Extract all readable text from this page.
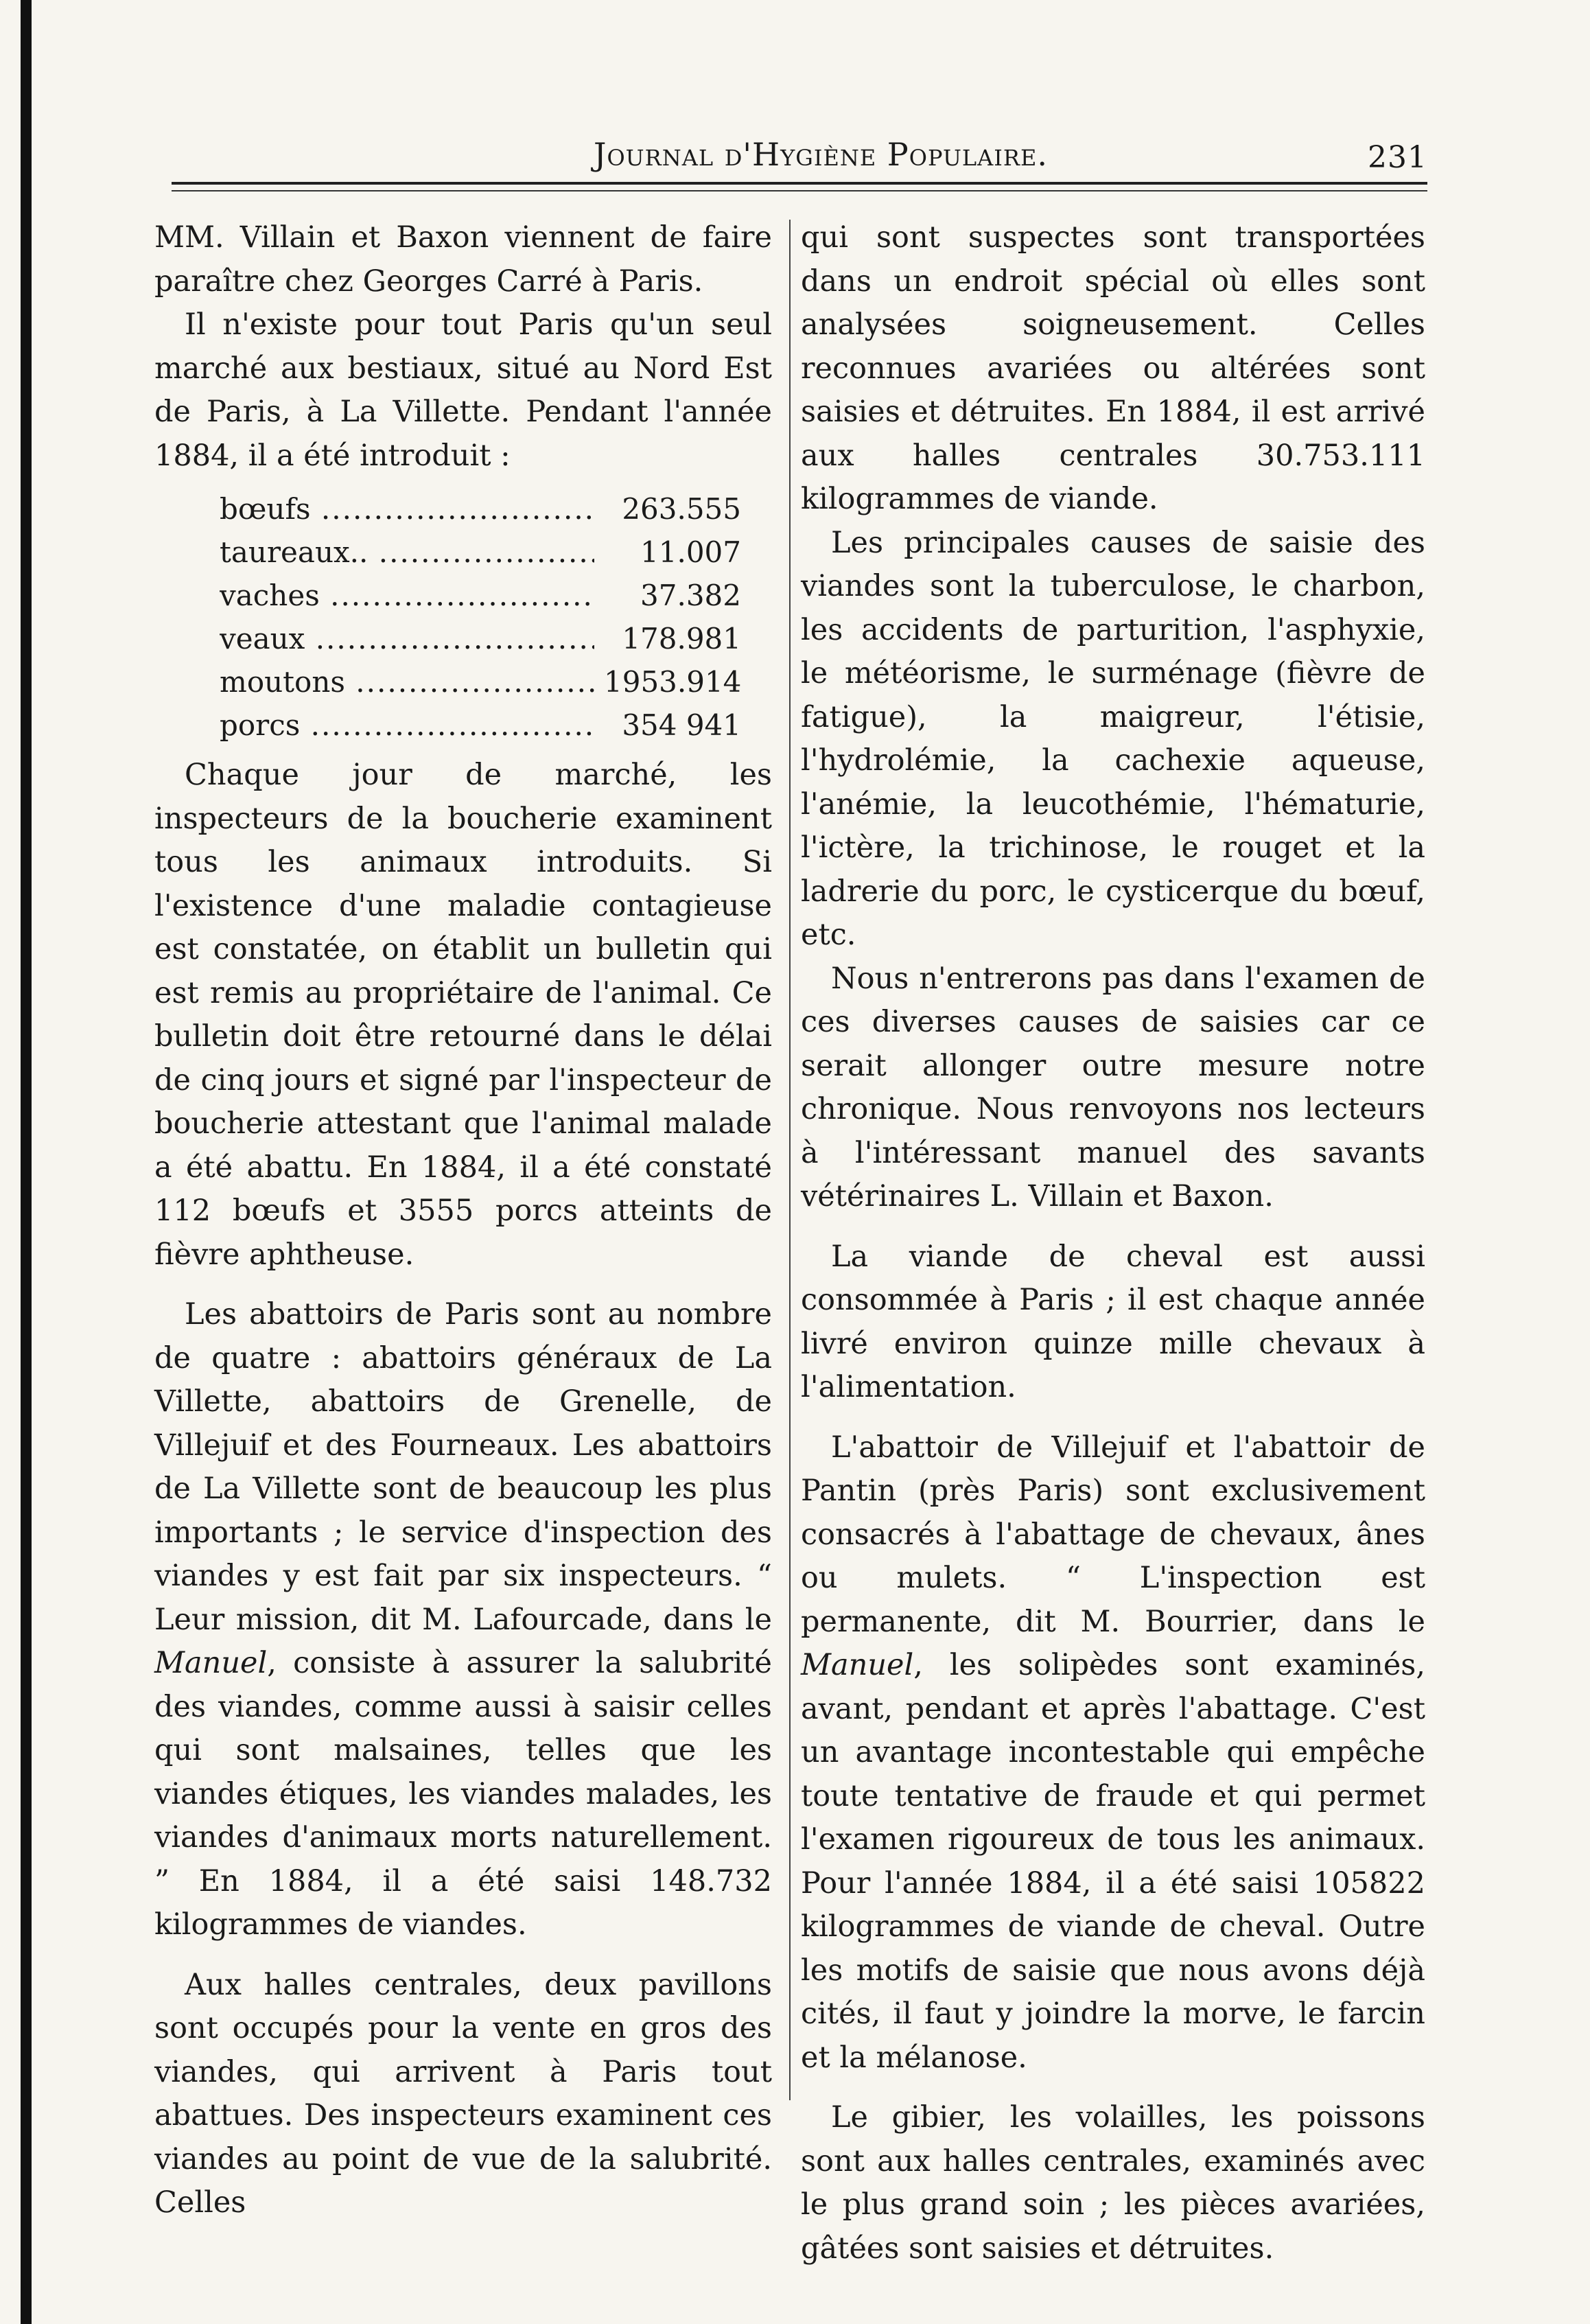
Journal d'Hygiène Populaire.	231

MM. Villain et Baxon viennent de faire paraître chez Georges Carré à Paris.

Il n'existe pour tout Paris qu'un seul marché aux bestiaux, situé au Nord Est de Paris, à La Villette. Pendant l'année 1884, il a été introduit :

bœufs .....	263.555
taureaux.. .....	11.007
vaches .....	37.382
veaux .....	178.981
moutons .....	1953.914
porcs .....	354 941

Chaque jour de marché, les inspecteurs de la boucherie examinent tous les animaux introduits. Si l'existence d'une maladie contagieuse est constatée, on établit un bulletin qui est remis au propriétaire de l'animal. Ce bulletin doit être retourné dans le délai de cinq jours et signé par l'inspecteur de boucherie attestant que l'animal malade a été abattu. En 1884, il a été constaté 112 bœufs et 3555 porcs atteints de fièvre aphtheuse.

Les abattoirs de Paris sont au nombre de quatre : abattoirs généraux de La Villette, abattoirs de Grenelle, de Villejuif et des Fourneaux. Les abattoirs de La Villette sont de beaucoup les plus importants ; le service d'inspection des viandes y est fait par six inspecteurs. “ Leur mission, dit M. Lafourcade, dans le Manuel, consiste à assurer la salubrité des viandes, comme aussi à saisir celles qui sont malsaines, telles que les viandes étiques, les viandes malades, les viandes d'animaux morts naturellement. ” En 1884, il a été saisi 148.732 kilogrammes de viandes.

Aux halles centrales, deux pavillons sont occupés pour la vente en gros des viandes, qui arrivent à Paris tout abattues. Des inspecteurs examinent ces viandes au point de vue de la salubrité. Celles

qui sont suspectes sont transportées dans un endroit spécial où elles sont analysées soigneusement. Celles reconnues avariées ou altérées sont saisies et détruites. En 1884, il est arrivé aux halles centrales 30.753.111 kilogrammes de viande.

Les principales causes de saisie des viandes sont la tuberculose, le charbon, les accidents de parturition, l'asphyxie, le météorisme, le surménage (fièvre de fatigue), la maigreur, l'étisie, l'hydrolémie, la cachexie aqueuse, l'anémie, la leucothémie, l'hématurie, l'ictère, la trichinose, le rouget et la ladrerie du porc, le cysticerque du bœuf, etc.

Nous n'entrerons pas dans l'examen de ces diverses causes de saisies car ce serait allonger outre mesure notre chronique. Nous renvoyons nos lecteurs à l'intéressant manuel des savants vétérinaires L. Villain et Baxon.

La viande de cheval est aussi consommée à Paris ; il est chaque année livré environ quinze mille chevaux à l'alimentation.

L'abattoir de Villejuif et l'abattoir de Pantin (près Paris) sont exclusivement consacrés à l'abattage de chevaux, ânes ou mulets. “ L'inspection est permanente, dit M. Bourrier, dans le Manuel, les solipèdes sont examinés, avant, pendant et après l'abattage. C'est un avantage incontestable qui empêche toute tentative de fraude et qui permet l'examen rigoureux de tous les animaux. Pour l'année 1884, il a été saisi 105822 kilogrammes de viande de cheval. Outre les motifs de saisie que nous avons déjà cités, il faut y joindre la morve, le farcin et la mélanose.

Le gibier, les volailles, les poissons sont aux halles centrales, examinés avec le plus grand soin ; les pièces avariées, gâtées sont saisies et détruites.
